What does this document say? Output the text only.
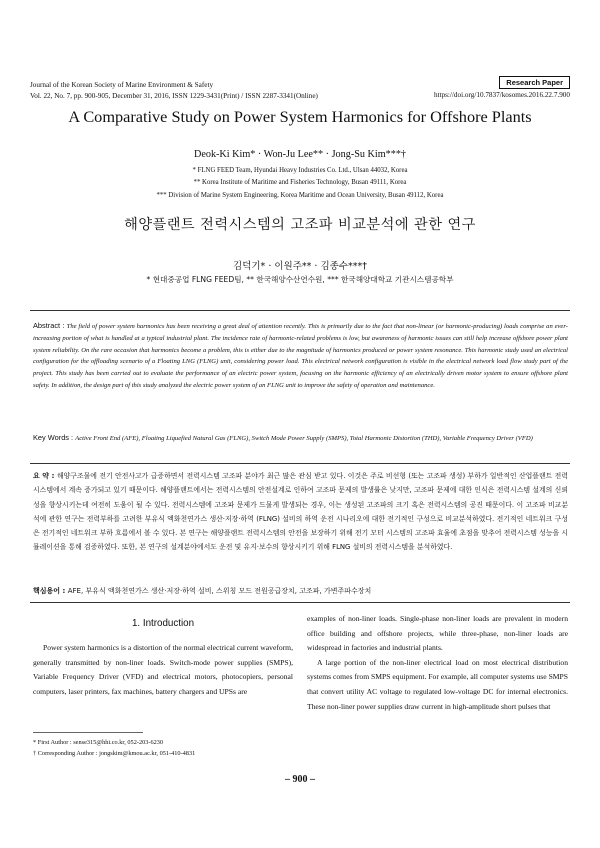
Journal of the Korean Society of Marine Environment & Safety
Vol. 22, No. 7, pp. 900-905, December 31, 2016, ISSN 1229-3431(Print) / ISSN 2287-3341(Online)
Research Paper
https://doi.org/10.7837/kosomes.2016.22.7.900
A Comparative Study on Power System Harmonics for Offshore Plants
Deok-Ki Kim* · Won-Ju Lee** · Jong-Su Kim***†
* FLNG FEED Team, Hyundai Heavy Industries Co. Ltd., Ulsan 44032, Korea
** Korea Institute of Maritime and Fisheries Technology, Busan 49111, Korea
*** Division of Marine System Engineering, Korea Maritime and Ocean University, Busan 49112, Korea
해양플랜트 전력시스템의 고조파 비교분석에 관한 연구
김덕기* · 이원주** · 김종수***†
* 현대중공업 FLNG FEED팀, ** 한국해양수산연수원, *** 한국해양대학교 기관시스템공학부
Abstract : The field of power system harmonics has been receiving a great deal of attention recently. This is primarily due to the fact that non-linear (or harmonic-producing) loads comprise an ever-increasing portion of what is handled at a typical industrial plant. The incidence rate of harmonic-related problems is low, but awareness of harmonic issues can still help increase offshore power plant system reliability. On the rare occasion that harmonics become a problem, this is either due to the magnitude of harmonics produced or power system resonance. This harmonic study used an electrical configuration for the offloading scenario of a Floating LNG (FLNG) unit, considering power load. This electrical network configuration is visible in the electrical network load flow study part of the project. This study has been carried out to evaluate the performance of an electric power system, focusing on the harmonic efficiency of an electrically driven motor system to ensure offshore plant safety. In addition, the design part of this study analyzed the electric power system of an FLNG unit to improve the safety of operation and maintenance.
Key Words : Active Front End (AFE), Floating Liquefied Natural Gas (FLNG), Switch Mode Power Supply (SMPS), Total Harmonic Distortion (THD), Variable Frequency Driver (VFD)
요 약 : 해양구조물에 전기 안전사고가 급증하면서 전력시스템 고조파 분야가 최근 많은 관심 받고 있다. 이것은 주로 비선형 (또는 고조파 생성) 부하가 일반적인 산업플랜트 전력시스템에서 계속 증가되고 있기 때문이다. 해양플랜트에서는 전력시스템의 안전설계로 인하여 고조파 문제의 발생률은 낮지만, 고조파 문제에 대한 인식은 전력시스템 설계의 신뢰성을 향상시키는데 여전히 도움이 될 수 있다. 전력시스템에 고조파 문제가 드물게 발생되는 경우, 이는 생성된 고조파의 크기 혹은 전력시스템의 공진 때문이다. 이 고조파 비교분석에 관한 연구는 전력부하를 고려한 부유식 액화천연가스 생산·저장·하역 (FLNG) 설비의 하역 운전 시나리오에 대한 전기적인 구성으로 비교분석하였다. 전기적인 네트워크 구성은 전기적인 네트워크 부하 흐름에서 볼 수 있다. 본 연구는 해양플랜트 전력시스템의 안전을 보장하기 위해 전기 모터 시스템의 고조파 효율에 초점을 맞추어 전력시스템 성능을 시뮬레이션을 통해 검증하였다. 또한, 본 연구의 설계분야에서도 운전 및 유지·보수의 향상시키기 위해 FLNG 설비의 전력시스템을 분석하였다.
핵심용어 : AFE, 부유식 액화천연가스 생산·저장·하역 설비, 스위칭 모드 전원공급장치, 고조파, 가변주파수장치
1. Introduction

Power system harmonics is a distortion of the normal electrical current waveform, generally transmitted by non-liner loads. Switch-mode power supplies (SMPS), Variable Frequency Driver (VFD) and electrical motors, photocopiers, personal computers, laser printers, fax machines, battery chargers and UPSs are

examples of non-liner loads. Single-phase non-liner loads are prevalent in modern office building and offshore projects, while three-phase, non-liner loads are widespread in factories and industrial plants.

A large portion of the non-liner electrical load on most electrical distribution systems comes from SMPS equipment. For example, all computer systems use SMPS that convert utility AC voltage to regulated low-voltage DC for internal electronics. These non-liner power supplies draw current in high-amplitude short pulses that

* First Author : sense315@hhi.co.kr, 052-203-6230
† Corresponding Author : jongskim@kmou.ac.kr, 051-410-4831
– 900 –
